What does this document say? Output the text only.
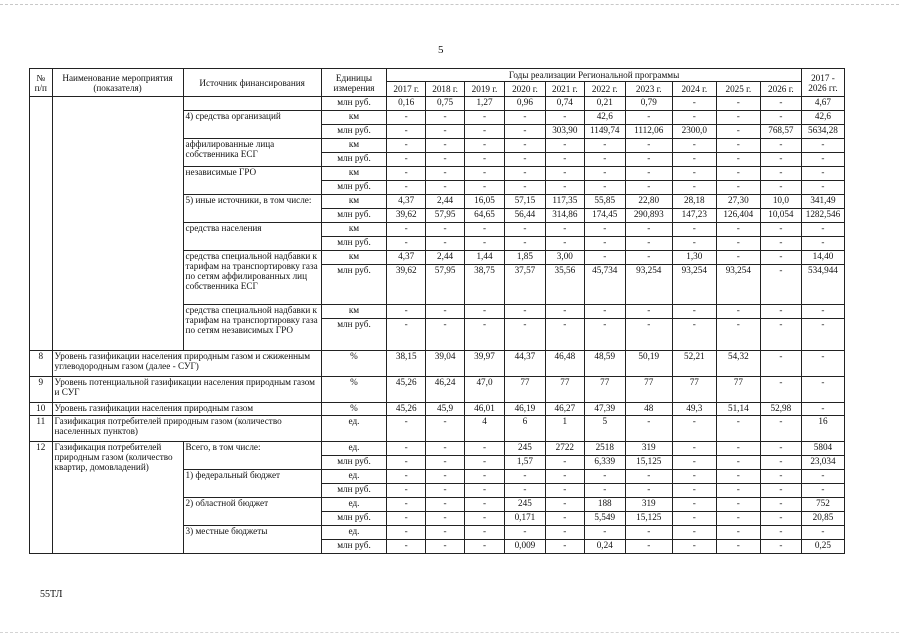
5
№ п/п	Наименование мероприятия (показателя)	Источник финансирования	Единицы измерения	Годы реализации Региональной программы										2017 - 2026 гг.
				2017 г.	2018 г.	2019 г.	2020 г.	2021 г.	2022 г.	2023 г.	2024 г.	2025 г.	2026 г.	
			млн руб.	0,16	0,75	1,27	0,96	0,74	0,21	0,79	-	-	-	4,67
		4) средства организаций	км	-	-	-	-	-	42,6	-	-	-	-	42,6
			млн руб.	-	-	-	-	303,90	1149,74	1112,06	2300,0	-	768,57	5634,28
		аффилированные лица собственника ЕСГ	км	-	-	-	-	-	-	-	-	-	-	-
			млн руб.	-	-	-	-	-	-	-	-	-	-	-
		независимые ГРО	км	-	-	-	-	-	-	-	-	-	-	-
			млн руб.	-	-	-	-	-	-	-	-	-	-	-
		5) иные источники, в том числе:	км	4,37	2,44	16,05	57,15	117,35	55,85	22,80	28,18	27,30	10,0	341,49
			млн руб.	39,62	57,95	64,65	56,44	314,86	174,45	290,893	147,23	126,404	10,054	1282,546
		средства населения	км	-	-	-	-	-	-	-	-	-	-	-
			млн руб.	-	-	-	-	-	-	-	-	-	-	-
		средства специальной надбавки к тарифам на транспортировку газа по сетям аффилированных лиц собственника ЕСГ	км	4,37	2,44	1,44	1,85	3,00	-	-	1,30	-	-	14,40
			млн руб.	39,62	57,95	38,75	37,57	35,56	45,734	93,254	93,254	93,254	-	534,944
		средства специальной надбавки к тарифам на транспортировку газа по сетям независимых ГРО	км	-	-	-	-	-	-	-	-	-	-	-
			млн руб.	-	-	-	-	-	-	-	-	-	-	-
8	Уровень газификации населения природным газом и сжиженным углеводородным газом (далее - СУГ)		%	38,15	39,04	39,97	44,37	46,48	48,59	50,19	52,21	54,32	-	-
9	Уровень потенциальной газификации населения природным газом и СУГ		%	45,26	46,24	47,0	77	77	77	77	77	77	-	-
10	Уровень газификации населения природным газом		%	45,26	45,9	46,01	46,19	46,27	47,39	48	49,3	51,14	52,98	-
11	Газификация потребителей природным газом (количество населенных пунктов)		ед.	-	-	4	6	1	5	-	-	-	-	16
12	Газификация потребителей природным газом (количество квартир, домовладений)	Всего, в том числе:	ед.	-	-	-	245	2722	2518	319	-	-	-	5804
			млн руб.	-	-	-	1,57	-	6,339	15,125	-	-	-	23,034
		1) федеральный бюджет	ед.	-	-	-	-	-	-	-	-	-	-	-
			млн руб.	-	-	-	-	-	-	-	-	-	-	-
		2) областной бюджет	ед.	-	-	-	245	-	188	319	-	-	-	752
			млн руб.	-	-	-	0,171	-	5,549	15,125	-	-	-	20,85
		3) местные бюджеты	ед.	-	-	-	-	-	-	-	-	-	-	-
			млн руб.	-	-	-	0,009	-	0,24	-	-	-	-	0,25
55ТЛ
